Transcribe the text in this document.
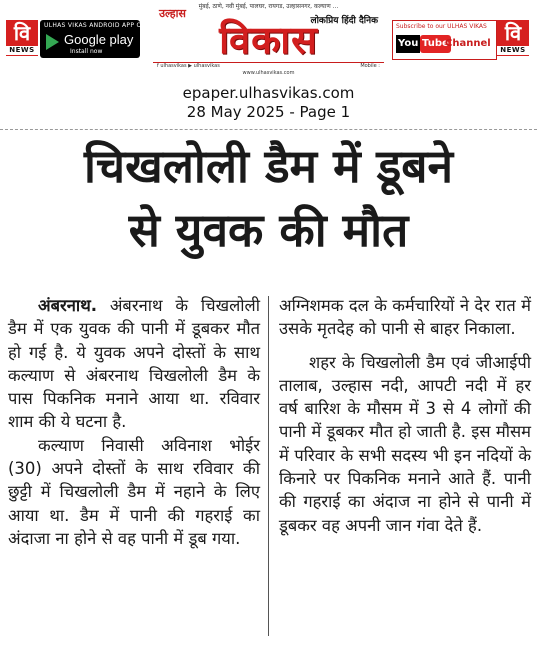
वि
NEWS
ULHAS VIKAS ANDROID APP ON
Google play
Install now
मुंबई, ठाणे, नवी मुंबई, पालघर, रायगड, उल्हासनगर, कल्याण ...
उल्हास
लोकप्रिय हिंदी दैनिक
विकास
f ulhasvikas ▶ ulhasvikas	Mobile :
www.ulhasvikas.com
Subscribe to our ULHAS VIKAS
You Tube
Channel वि
NEWS
epaper.ulhasvikas.com
28 May 2025 - Page 1
चिखलोली डैम में डूबने
से युवक की मौत

अंबरनाथ. अंबरनाथ के चिखलोली डैम में एक युवक की पानी में डूबकर मौत हो गई है. ये युवक अपने दोस्तों के साथ कल्याण से अंबरनाथ चिखलोली डैम के पास पिकनिक मनाने आया था. रविवार शाम की ये घटना है.

कल्याण निवासी अविनाश भोईर (30) अपने दोस्तों के साथ रविवार की छुट्टी में चिखलोली डैम में नहाने के लिए आया था. डैम में पानी की गहराई का अंदाजा ना होने से वह पानी में डूब गया.

अग्निशमक दल के कर्मचारियों ने देर रात में उसके मृतदेह को पानी से बाहर निकाला.

शहर के चिखलोली डैम एवं जीआईपी तालाब, उल्हास नदी, आपटी नदी में हर वर्ष बारिश के मौसम में 3 से 4 लोगों की पानी में डूबकर मौत हो जाती है. इस मौसम में परिवार के सभी सदस्य भी इन नदियों के किनारे पर पिकनिक मनाने आते हैं. पानी की गहराई का अंदाज ना होने से पानी में डूबकर वह अपनी जान गंवा देते हैं.
